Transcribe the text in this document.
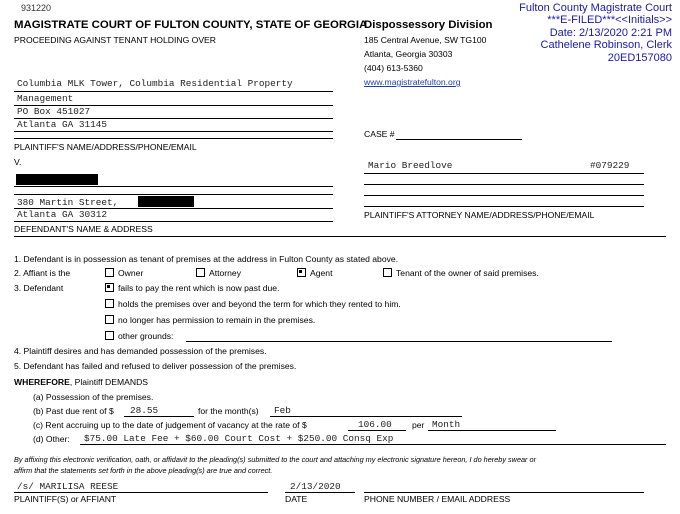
931220
MAGISTRATE COURT OF FULTON COUNTY, STATE OF GEORGIA
PROCEEDING AGAINST TENANT HOLDING OVER
Dispossessory Division
185 Central Avenue, SW TG100
Atlanta, Georgia 30303
(404) 613-5360
www.magistratefulton.org
Fulton County Magistrate Court
***E-FILED***<<Initials>>
Date: 2/13/2020 2:21 PM
Cathelene Robinson, Clerk
20ED157080
Columbia MLK Tower, Columbia Residential Property
Management
PO Box 451027
Atlanta GA 31145
PLAINTIFF'S NAME/ADDRESS/PHONE/EMAIL
V.
380 Martin Street,
Atlanta GA 30312
DEFENDANT'S NAME & ADDRESS
CASE #
Mario Breedlove	#079229
PLAINTIFF'S ATTORNEY NAME/ADDRESS/PHONE/EMAIL
1. Defendant is in possession as tenant of premises at the address in Fulton County as stated above.
2. Affiant is the	Owner	Attorney	Agent	Tenant of the owner of said premises.
3. Defendant	fails to pay the rent which is now past due.
holds the premises over and beyond the term for which they rented to him.
no longer has permission to remain in the premises.
other grounds:
4. Plaintiff desires and has demanded possession of the premises.
5. Defendant has failed and refused to deliver possession of the premises.
WHEREFORE, Plaintiff DEMANDS
(a) Possession of the premises.
(b) Past due rent of $ 28.55	for the month(s) Feb
(c) Rent accruing up to the date of judgement of vacancy at the rate of $	106.00 per Month
(d) Other: $75.00 Late Fee + $60.00 Court Cost + $250.00 Consq Exp
By affixing this electronic verification, oath, or affidavit to the pleading(s) submitted to the court and attaching my electronic signature hereon, I do hereby swear or
affirm that the statements set forth in the above pleading(s) are true and correct.
/s/ MARILISA REESE
PLAINTIFF(S) or AFFIANT
2/13/2020
DATE	PHONE NUMBER / EMAIL ADDRESS
